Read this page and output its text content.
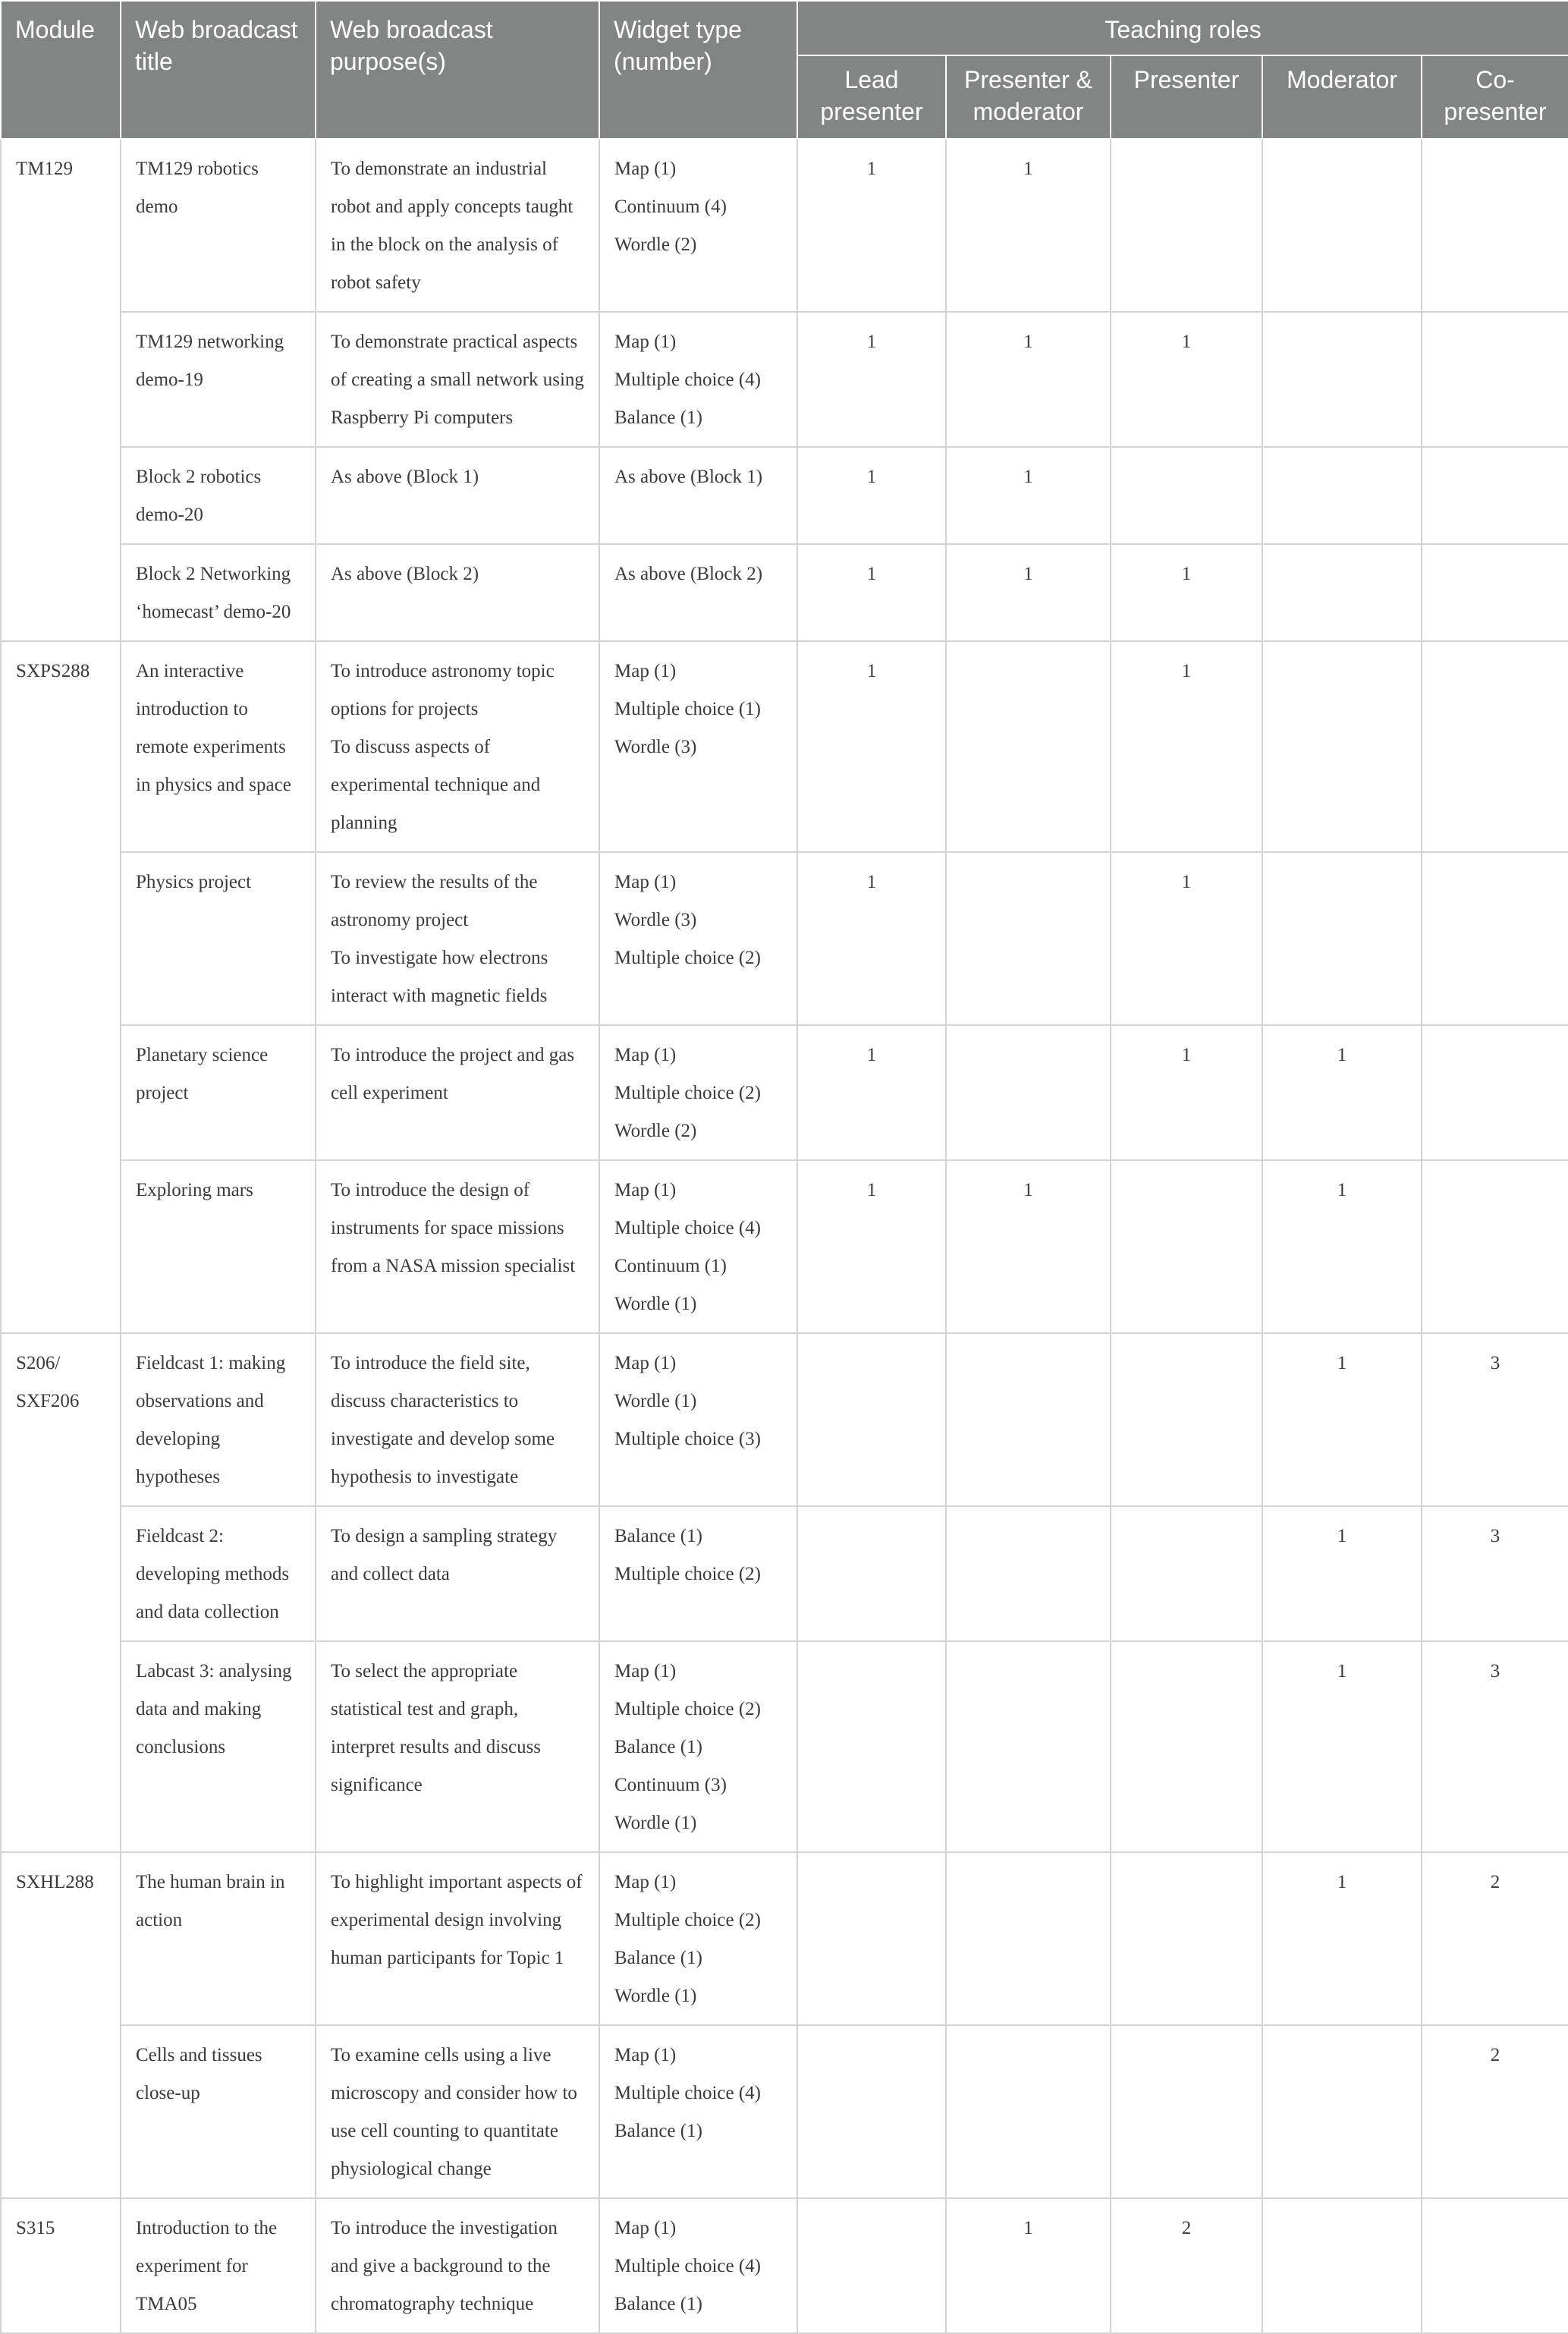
Module	Web broadcast title	Web broadcast purpose(s)	Widget type (number)	Teaching roles				
				Lead presenter	Presenter & moderator	Presenter	Moderator	Co-presenter
TM129	TM129 robotics demo	To demonstrate an industrial robot and apply concepts taught in the block on the analysis of robot safety	Map (1)
Continuum (4)
Wordle (2)	1	1			
	TM129 networking demo-19	To demonstrate practical aspects of creating a small network using Raspberry Pi computers	Map (1)
Multiple choice (4)
Balance (1)	1	1	1		
	Block 2 robotics demo-20	As above (Block 1)	As above (Block 1)	1	1			
	Block 2 Networking ‘homecast’ demo-20	As above (Block 2)	As above (Block 2)	1	1	1		
SXPS288	An interactive introduction to remote experiments in physics and space	To introduce astronomy topic options for projects
To discuss aspects of experimental technique and planning	Map (1)
Multiple choice (1)
Wordle (3)	1		1		
	Physics project	To review the results of the astronomy project
To investigate how electrons interact with magnetic fields	Map (1)
Wordle (3)
Multiple choice (2)	1		1		
	Planetary science project	To introduce the project and gas cell experiment	Map (1)
Multiple choice (2)
Wordle (2)	1		1	1	
	Exploring mars	To introduce the design of instruments for space missions from a NASA mission specialist	Map (1)
Multiple choice (4)
Continuum (1)
Wordle (1)	1	1		1	
S206/ SXF206	Fieldcast 1: making observations and developing hypotheses	To introduce the field site, discuss characteristics to investigate and develop some hypothesis to investigate	Map (1)
Wordle (1)
Multiple choice (3)				1	3
	Fieldcast 2: developing methods and data collection	To design a sampling strategy and collect data	Balance (1)
Multiple choice (2)				1	3
	Labcast 3: analysing data and making conclusions	To select the appropriate statistical test and graph, interpret results and discuss significance	Map (1)
Multiple choice (2)
Balance (1)
Continuum (3)
Wordle (1)				1	3
SXHL288	The human brain in action	To highlight important aspects of experimental design involving human participants for Topic 1	Map (1)
Multiple choice (2)
Balance (1)
Wordle (1)				1	2
	Cells and tissues close-up	To examine cells using a live microscopy and consider how to use cell counting to quantitate physiological change	Map (1)
Multiple choice (4)
Balance (1)					2
S315	Introduction to the experiment for TMA05	To introduce the investigation and give a background to the chromatography technique	Map (1)
Multiple choice (4)
Balance (1)		1	2		
